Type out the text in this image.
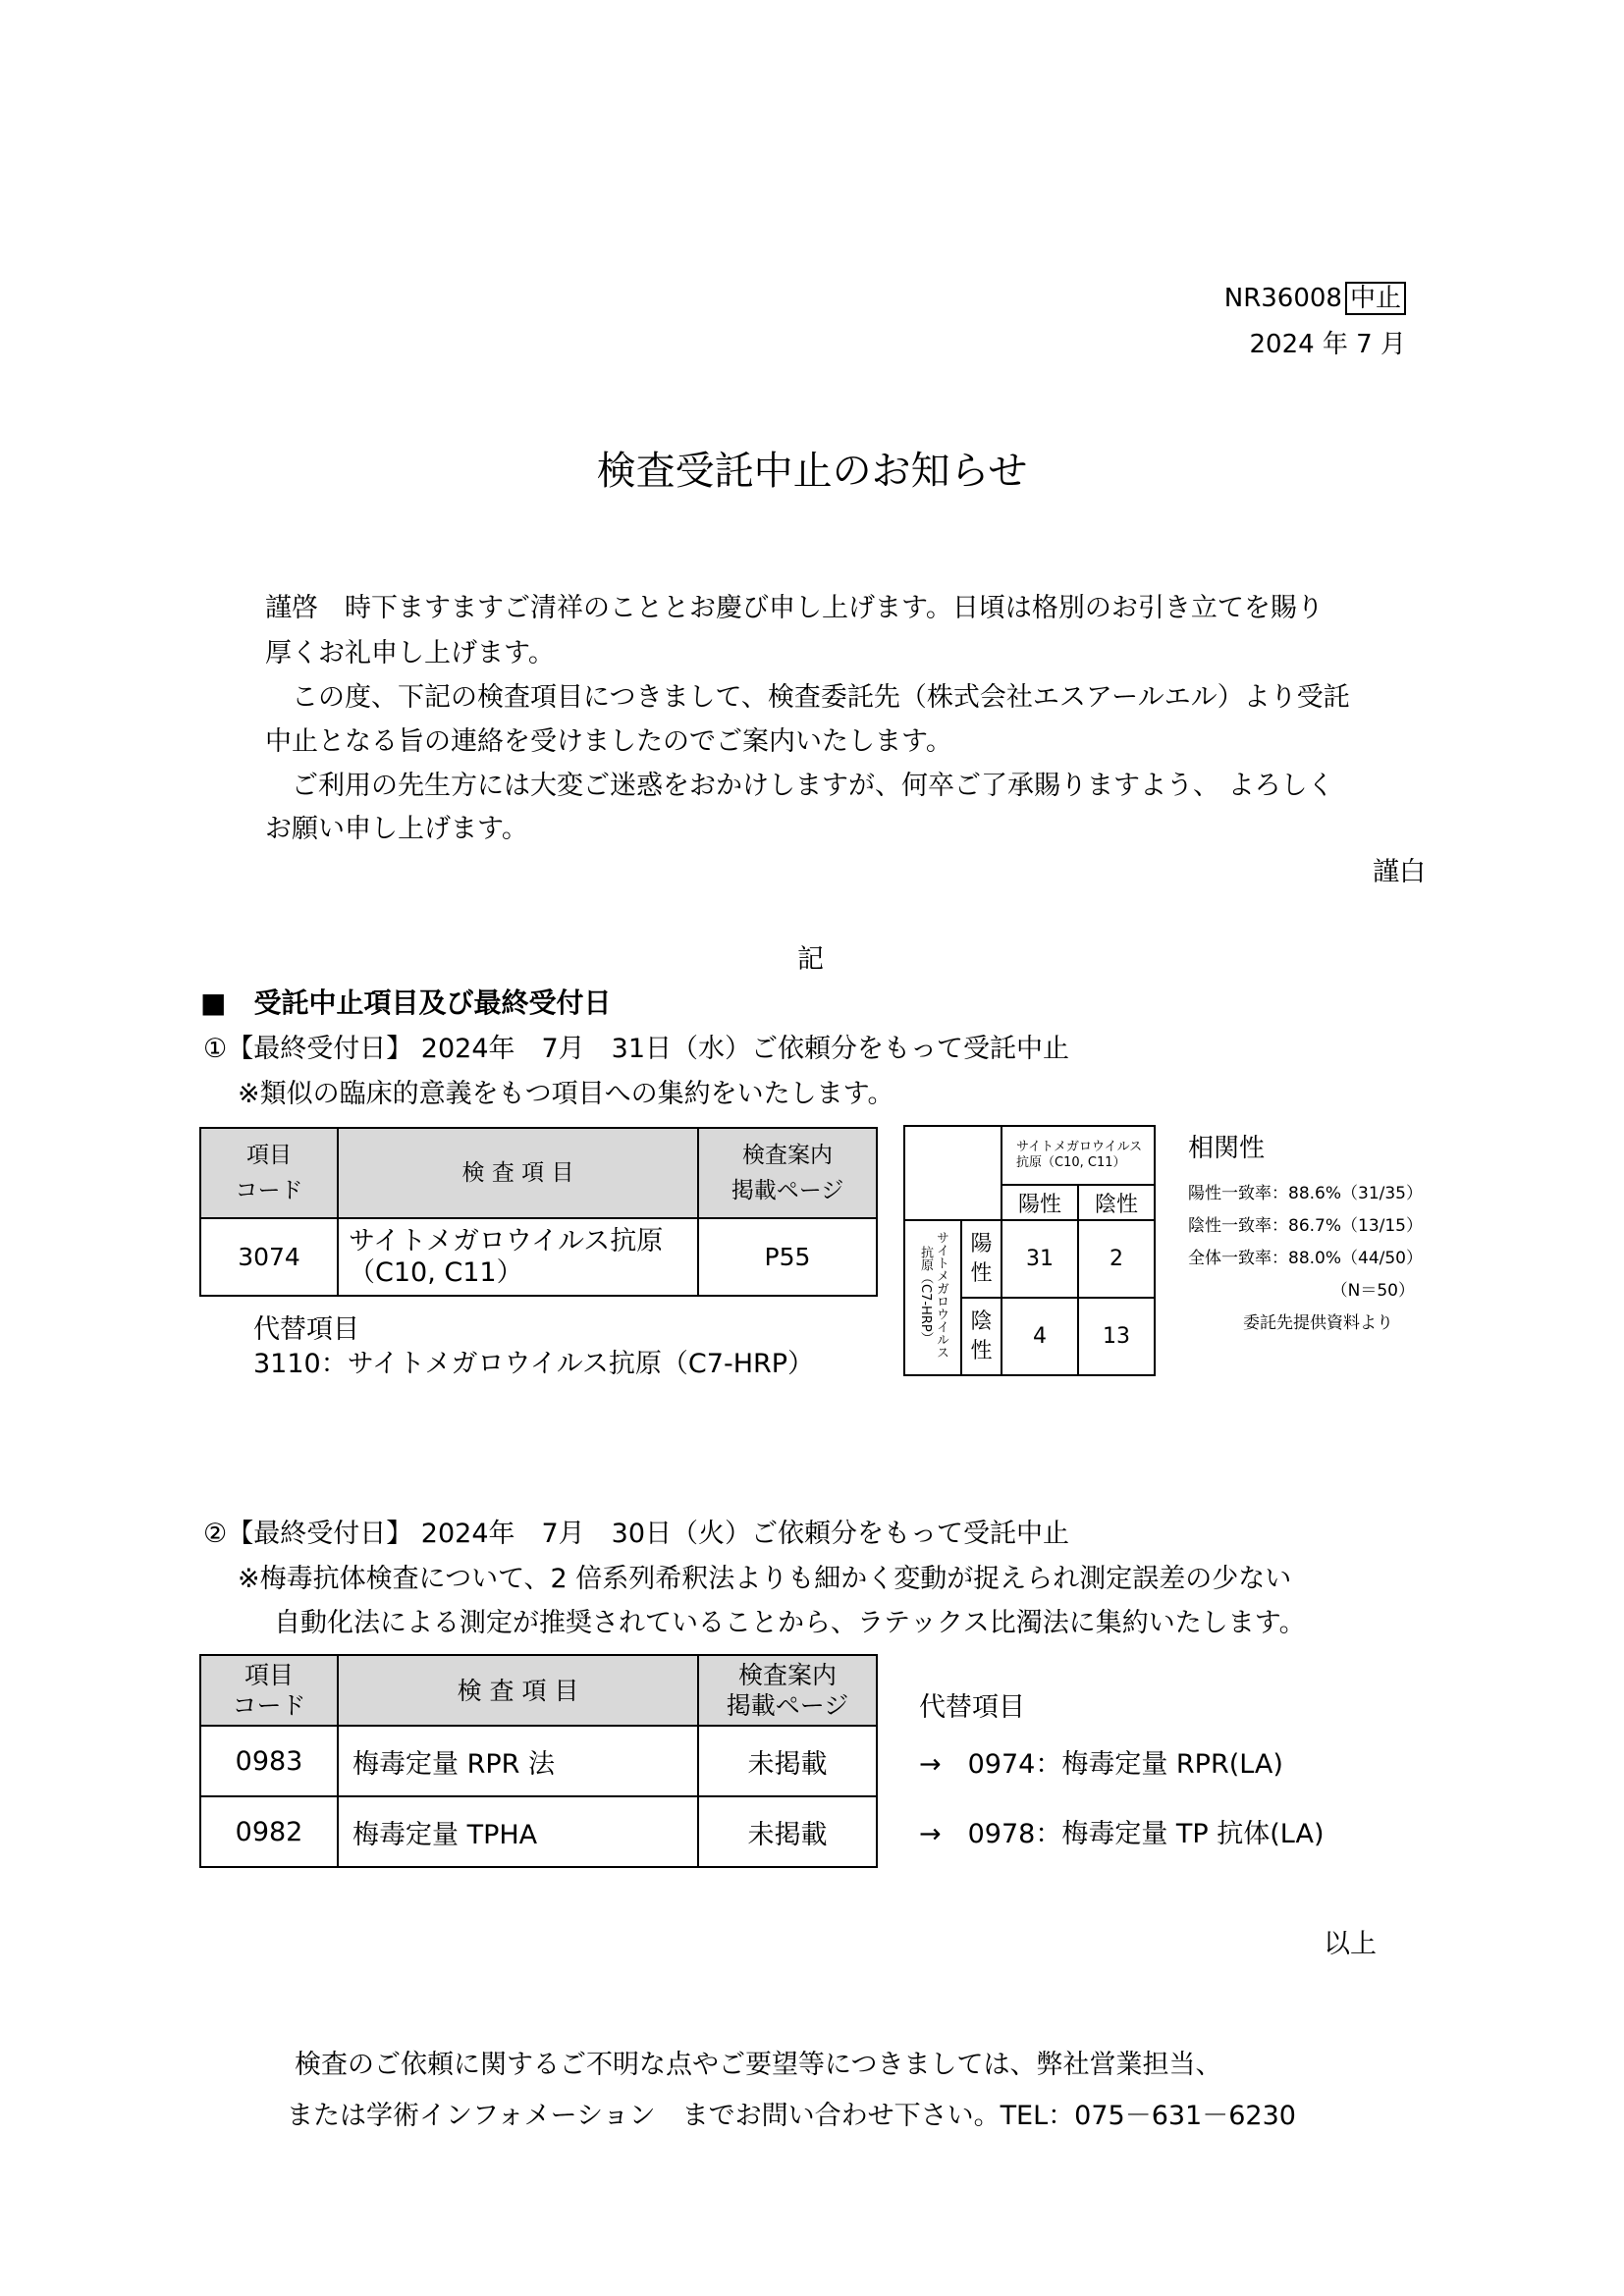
NR36008 中止
2024 年 7 月
検査受託中止のお知らせ
謹啓　時下ますますご清祥のこととお慶び申し上げます。日頃は格別のお引き立てを賜り
厚くお礼申し上げます。
　この度、下記の検査項目につきまして、検査委託先（株式会社エスアールエル）より受託
中止となる旨の連絡を受けましたのでご案内いたします。
　ご利用の先生方には大変ご迷惑をおかけしますが、何卒ご了承賜りますよう、 よろしく
お願い申し上げます。
謹白
記
■　受託中止項目及び最終受付日
①【最終受付日】 2024年　7月　31日（水）ご依頼分をもって受託中止
※類似の臨床的意義をもつ項目への集約をいたします。
項目
コード	検 査 項 目	検査案内
掲載ページ
3074	サイトメガロウイルス抗原
（C10, C11）	P55
代替項目
3110：サイトメガロウイルス抗原（C7-HRP）
		サイトメガロウイルス
抗原（C10, C11）	
		陽性	陰性
サイトメガロウイルス
抗原（C7-HRP）	陽
性	31	2
	陰
性	4	13
相関性
陽性一致率：88.6%（31/35）
陰性一致率：86.7%（13/15）
全体一致率：88.0%（44/50）
（N＝50）
委託先提供資料より
②【最終受付日】 2024年　7月　30日（火）ご依頼分をもって受託中止
※梅毒抗体検査について、2 倍系列希釈法よりも細かく変動が捉えられ測定誤差の少ない
自動化法による測定が推奨されていることから、ラテックス比濁法に集約いたします。
項目
コード	検 査 項 目	検査案内
掲載ページ
0983	梅毒定量 RPR 法	未掲載
0982	梅毒定量 TPHA	未掲載
代替項目
→　0974：梅毒定量 RPR(LA)
→　0978：梅毒定量 TP 抗体(LA)
以上
検査のご依頼に関するご不明な点やご要望等につきましては、弊社営業担当、
または学術インフォメーション　までお問い合わせ下さい。TEL：075－631－6230
